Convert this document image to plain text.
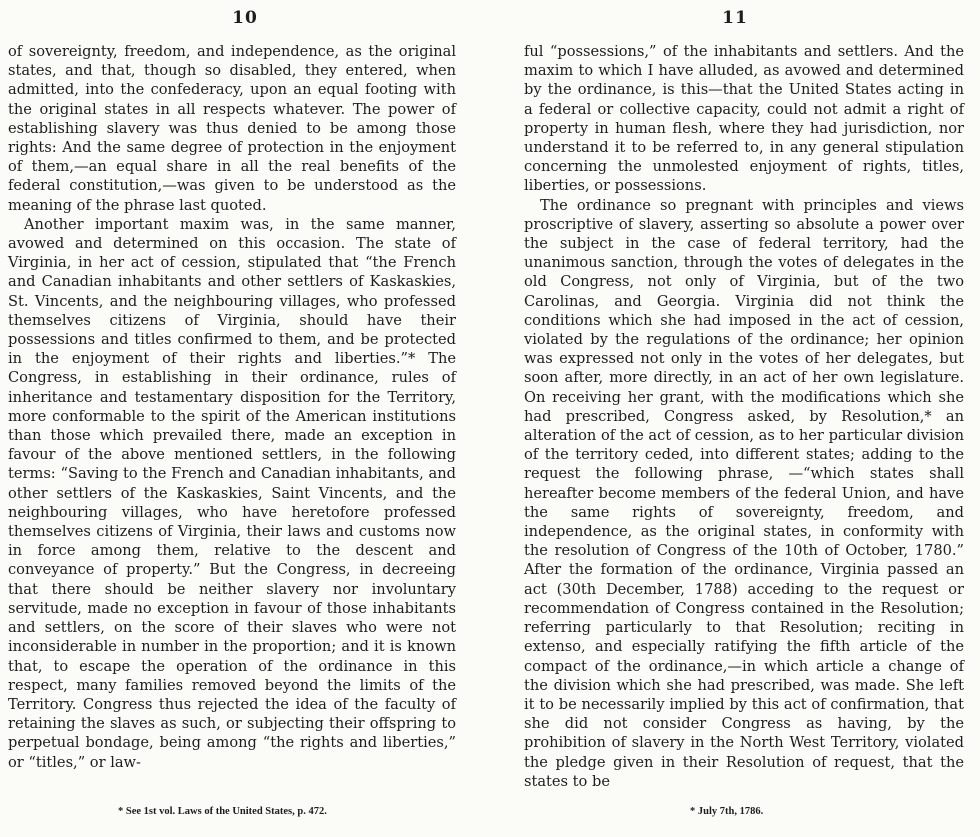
10

of sovereignty, freedom, and independence, as the original states, and that, though so disabled, they entered, when admitted, into the confederacy, upon an equal footing with the original states in all respects whatever. The power of establishing slavery was thus denied to be among those rights: And the same degree of protection in the enjoyment of them,—an equal share in all the real benefits of the federal constitution,—was given to be understood as the meaning of the phrase last quoted.

Another important maxim was, in the same manner, avowed and determined on this occasion. The state of Virginia, in her act of cession, stipulated that “the French and Canadian inhabitants and other settlers of Kaskaskies, St. Vincents, and the neighbouring villages, who professed themselves citizens of Virginia, should have their possessions and titles confirmed to them, and be protected in the enjoyment of their rights and liberties.”* The Congress, in establishing in their ordinance, rules of inheritance and testamentary disposition for the Territory, more conformable to the spirit of the American institutions than those which prevailed there, made an exception in favour of the above mentioned settlers, in the following terms: “Saving to the French and Canadian inhabitants, and other settlers of the Kaskaskies, Saint Vincents, and the neighbouring villages, who have heretofore professed themselves citizens of Virginia, their laws and customs now in force among them, relative to the descent and conveyance of property.” But the Congress, in decreeing that there should be neither slavery nor involuntary servitude, made no exception in favour of those inhabitants and settlers, on the score of their slaves who were not inconsiderable in number in the proportion; and it is known that, to escape the operation of the ordinance in this respect, many families removed beyond the limits of the Territory. Congress thus rejected the idea of the faculty of retaining the slaves as such, or subjecting their offspring to perpetual bondage, being among “the rights and liberties,” or “titles,” or law-

* See 1st vol. Laws of the United States, p. 472.
11

ful “possessions,” of the inhabitants and settlers. And the maxim to which I have alluded, as avowed and determined by the ordinance, is this—that the United States acting in a federal or collective capacity, could not admit a right of property in human flesh, where they had jurisdiction, nor understand it to be referred to, in any general stipulation concerning the unmolested enjoyment of rights, titles, liberties, or possessions.

The ordinance so pregnant with principles and views proscriptive of slavery, asserting so absolute a power over the subject in the case of federal territory, had the unanimous sanction, through the votes of delegates in the old Congress, not only of Virginia, but of the two Carolinas, and Georgia. Virginia did not think the conditions which she had imposed in the act of cession, violated by the regulations of the ordinance; her opinion was expressed not only in the votes of her delegates, but soon after, more directly, in an act of her own legislature. On receiving her grant, with the modifications which she had prescribed, Congress asked, by Resolution,* an alteration of the act of cession, as to her particular division of the territory ceded, into different states; adding to the request the following phrase, —“which states shall hereafter become members of the federal Union, and have the same rights of sovereignty, freedom, and independence, as the original states, in conformity with the resolution of Congress of the 10th of October, 1780.” After the formation of the ordinance, Virginia passed an act (30th December, 1788) acceding to the request or recommendation of Congress contained in the Resolution; referring particularly to that Resolution; reciting in extenso, and especially ratifying the fifth article of the compact of the ordinance,—in which article a change of the division which she had prescribed, was made. She left it to be necessarily implied by this act of confirmation, that she did not consider Congress as having, by the prohibition of slavery in the North West Territory, violated the pledge given in their Resolution of request, that the states to be

* July 7th, 1786.
